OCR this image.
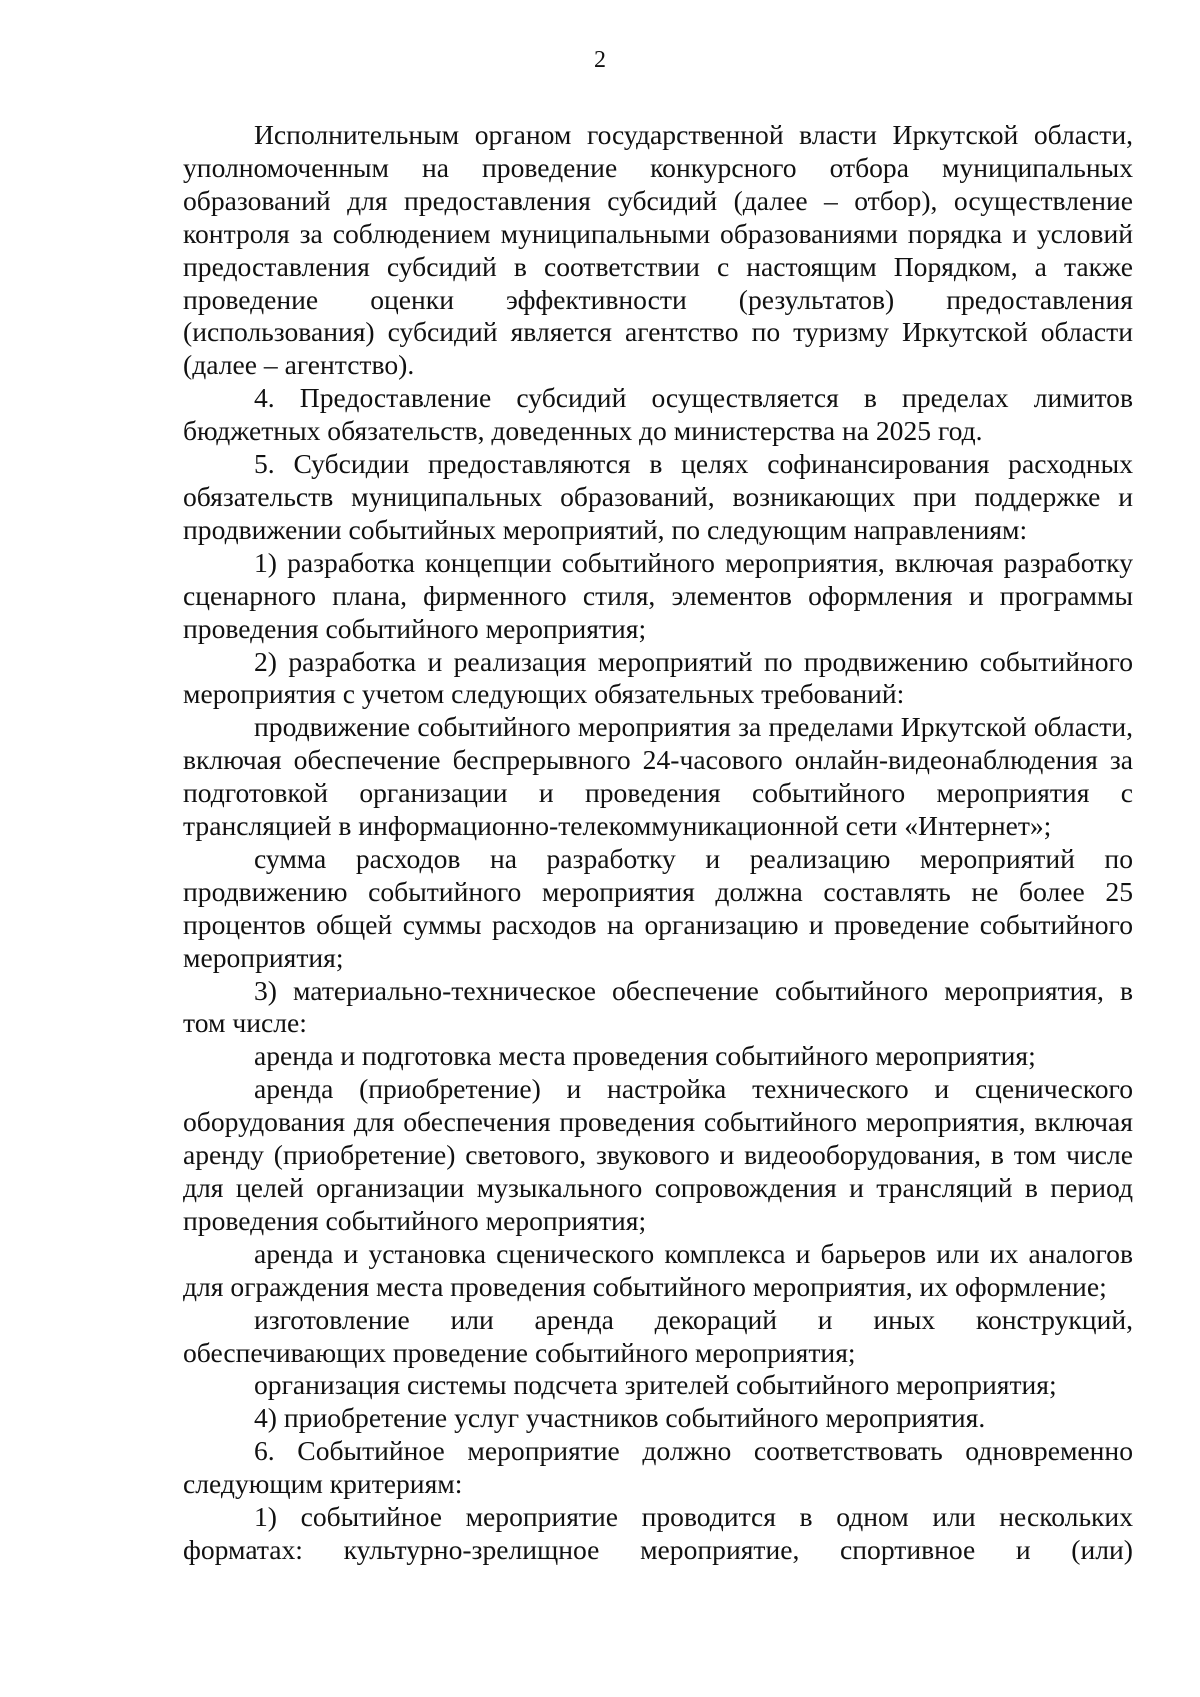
2

Исполнительным органом государственной власти Иркутской области, уполномоченным на проведение конкурсного отбора муниципальных образований для предоставления субсидий (далее – отбор), осуществление контроля за соблюдением муниципальными образованиями порядка и условий предоставления субсидий в соответствии с настоящим Порядком, а также проведение оценки эффективности (результатов) предоставления (использования) субсидий является агентство по туризму Иркутской области (далее – агентство).

4. Предоставление субсидий осуществляется в пределах лимитов бюджетных обязательств, доведенных до министерства на 2025 год.

5. Субсидии предоставляются в целях софинансирования расходных обязательств муниципальных образований, возникающих при поддержке и продвижении событийных мероприятий, по следующим направлениям:

1) разработка концепции событийного мероприятия, включая разработку сценарного плана, фирменного стиля, элементов оформления и программы проведения событийного мероприятия;

2) разработка и реализация мероприятий по продвижению событийного мероприятия с учетом следующих обязательных требований:

продвижение событийного мероприятия за пределами Иркутской области, включая обеспечение беспрерывного 24-часового онлайн-видеонаблюдения за подготовкой организации и проведения событийного мероприятия с трансляцией в информационно-телекоммуникационной сети «Интернет»;

сумма расходов на разработку и реализацию мероприятий по продвижению событийного мероприятия должна составлять не более 25 процентов общей суммы расходов на организацию и проведение событийного мероприятия;

3) материально-техническое обеспечение событийного мероприятия, в том числе:

аренда и подготовка места проведения событийного мероприятия;

аренда (приобретение) и настройка технического и сценического оборудования для обеспечения проведения событийного мероприятия, включая аренду (приобретение) светового, звукового и видеооборудования, в том числе для целей организации музыкального сопровождения и трансляций в период проведения событийного мероприятия;

аренда и установка сценического комплекса и барьеров или их аналогов для ограждения места проведения событийного мероприятия, их оформление;

изготовление или аренда декораций и иных конструкций, обеспечивающих проведение событийного мероприятия;

организация системы подсчета зрителей событийного мероприятия;

4) приобретение услуг участников событийного мероприятия.

6. Событийное мероприятие должно соответствовать одновременно следующим критериям:

1) событийное мероприятие проводится в одном или нескольких форматах: культурно-зрелищное мероприятие, спортивное и (или)
